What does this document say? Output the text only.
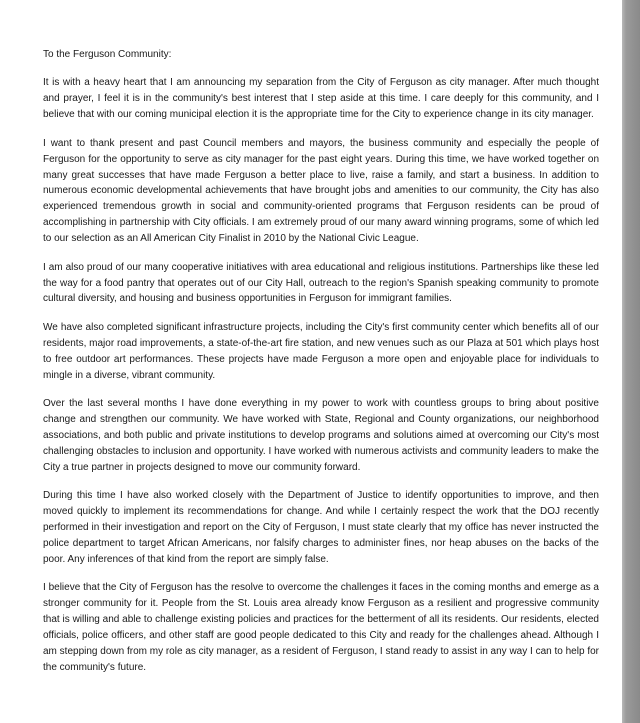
To the Ferguson Community:

It is with a heavy heart that I am announcing my separation from the City of Ferguson as city manager. After much thought and prayer, I feel it is in the community's best interest that I step aside at this time. I care deeply for this community, and I believe that with our coming municipal election it is the appropriate time for the City to experience change in its city manager.

I want to thank present and past Council members and mayors, the business community and especially the people of Ferguson for the opportunity to serve as city manager for the past eight years. During this time, we have worked together on many great successes that have made Ferguson a better place to live, raise a family, and start a business. In addition to numerous economic developmental achievements that have brought jobs and amenities to our community, the City has also experienced tremendous growth in social and community-oriented programs that Ferguson residents can be proud of accomplishing in partnership with City officials. I am extremely proud of our many award winning programs, some of which led to our selection as an All American City Finalist in 2010 by the National Civic League.

I am also proud of our many cooperative initiatives with area educational and religious institutions. Partnerships like these led the way for a food pantry that operates out of our City Hall, outreach to the region's Spanish speaking community to promote cultural diversity, and housing and business opportunities in Ferguson for immigrant families.

We have also completed significant infrastructure projects, including the City's first community center which benefits all of our residents, major road improvements, a state-of-the-art fire station, and new venues such as our Plaza at 501 which plays host to free outdoor art performances. These projects have made Ferguson a more open and enjoyable place for individuals to mingle in a diverse, vibrant community.

Over the last several months I have done everything in my power to work with countless groups to bring about positive change and strengthen our community. We have worked with State, Regional and County organizations, our neighborhood associations, and both public and private institutions to develop programs and solutions aimed at overcoming our City's most challenging obstacles to inclusion and opportunity. I have worked with numerous activists and community leaders to make the City a true partner in projects designed to move our community forward.

During this time I have also worked closely with the Department of Justice to identify opportunities to improve, and then moved quickly to implement its recommendations for change. And while I certainly respect the work that the DOJ recently performed in their investigation and report on the City of Ferguson, I must state clearly that my office has never instructed the police department to target African Americans, nor falsify charges to administer fines, nor heap abuses on the backs of the poor. Any inferences of that kind from the report are simply false.

I believe that the City of Ferguson has the resolve to overcome the challenges it faces in the coming months and emerge as a stronger community for it. People from the St. Louis area already know Ferguson as a resilient and progressive community that is willing and able to challenge existing policies and practices for the betterment of all its residents. Our residents, elected officials, police officers, and other staff are good people dedicated to this City and ready for the challenges ahead. Although I am stepping down from my role as city manager, as a resident of Ferguson, I stand ready to assist in any way I can to help for the community's future.
